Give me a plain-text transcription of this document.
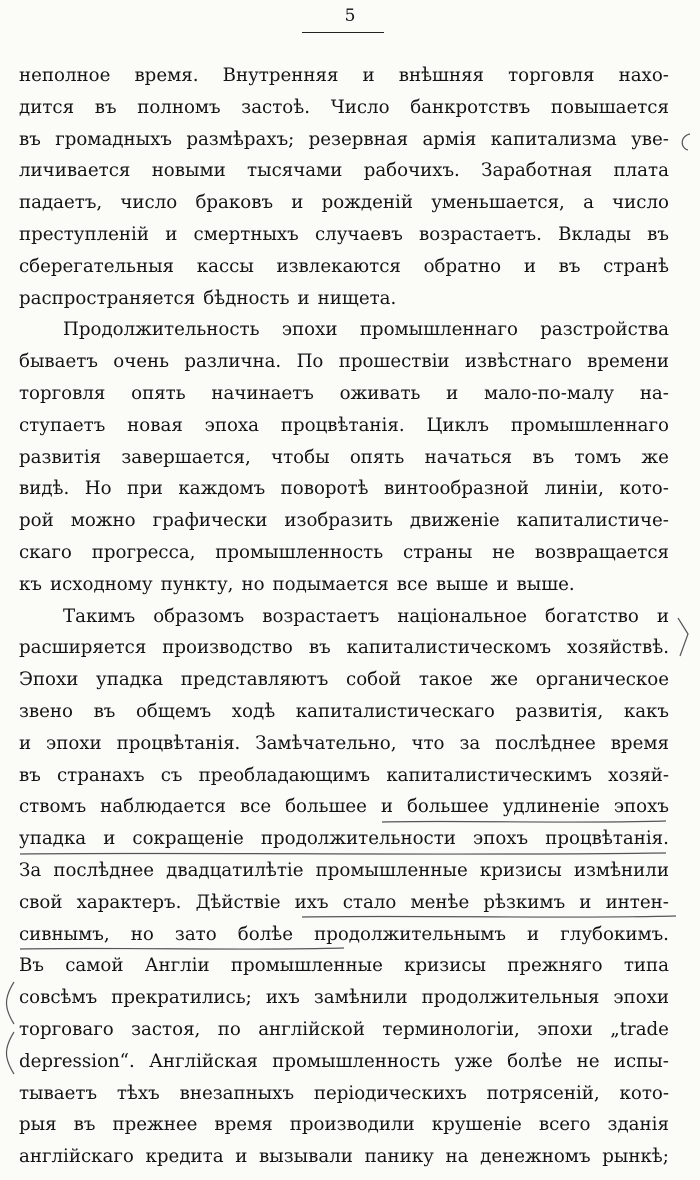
5
неполное время. Внутренняя и внѣшняя торговля нахо-
дится въ полномъ застоѣ. Число банкротствъ повышается
въ громадныхъ размѣрахъ; резервная армія капитализма уве-
личивается новыми тысячами рабочихъ. Заработная плата
падаетъ, число браковъ и рожденій уменьшается, а число
преступленій и смертныхъ случаевъ возрастаетъ. Вклады въ
сберегательныя кассы извлекаются обратно и въ странѣ
распространяется бѣдность и нищета.
Продолжительность эпохи промышленнаго разстройства
бываетъ очень различна. По прошествіи извѣстнаго времени
торговля опять начинаетъ оживать и мало-по-малу на-
ступаетъ новая эпоха процвѣтанія. Циклъ промышленнаго
развитія завершается, чтобы опять начаться въ томъ же
видѣ. Но при каждомъ поворотѣ винтообразной линіи, кото-
рой можно графически изобразить движеніе капиталистиче-
скаго прогресса, промышленность страны не возвращается
къ исходному пункту, но подымается все выше и выше.
Такимъ образомъ возрастаетъ національное богатство и
расширяется производство въ капиталистическомъ хозяйствѣ.
Эпохи упадка представляютъ собой такое же органическое
звено въ общемъ ходѣ капиталистическаго развитія, какъ
и эпохи процвѣтанія. Замѣчательно, что за послѣднее время
въ странахъ съ преобладающимъ капиталистическимъ хозяй-
ствомъ наблюдается все большее и большее удлиненіе эпохъ
упадка и сокращеніе продолжительности эпохъ процвѣтанія.
За послѣднее двадцатилѣтіе промышленные кризисы измѣнили
свой характеръ. Дѣйствіе ихъ стало менѣе рѣзкимъ и интен-
сивнымъ, но зато болѣе продолжительнымъ и глубокимъ.
Въ самой Англіи промышленные кризисы прежняго типа
совсѣмъ прекратились; ихъ замѣнили продолжительныя эпохи
торговаго застоя, по англійской терминологіи, эпохи „trade
depression“. Англійская промышленность уже болѣе не испы-
тываетъ тѣхъ внезапныхъ періодическихъ потрясеній, кото-
рыя въ прежнее время производили крушеніе всего зданія
англійскаго кредита и вызывали панику на денежномъ рынкѣ;
